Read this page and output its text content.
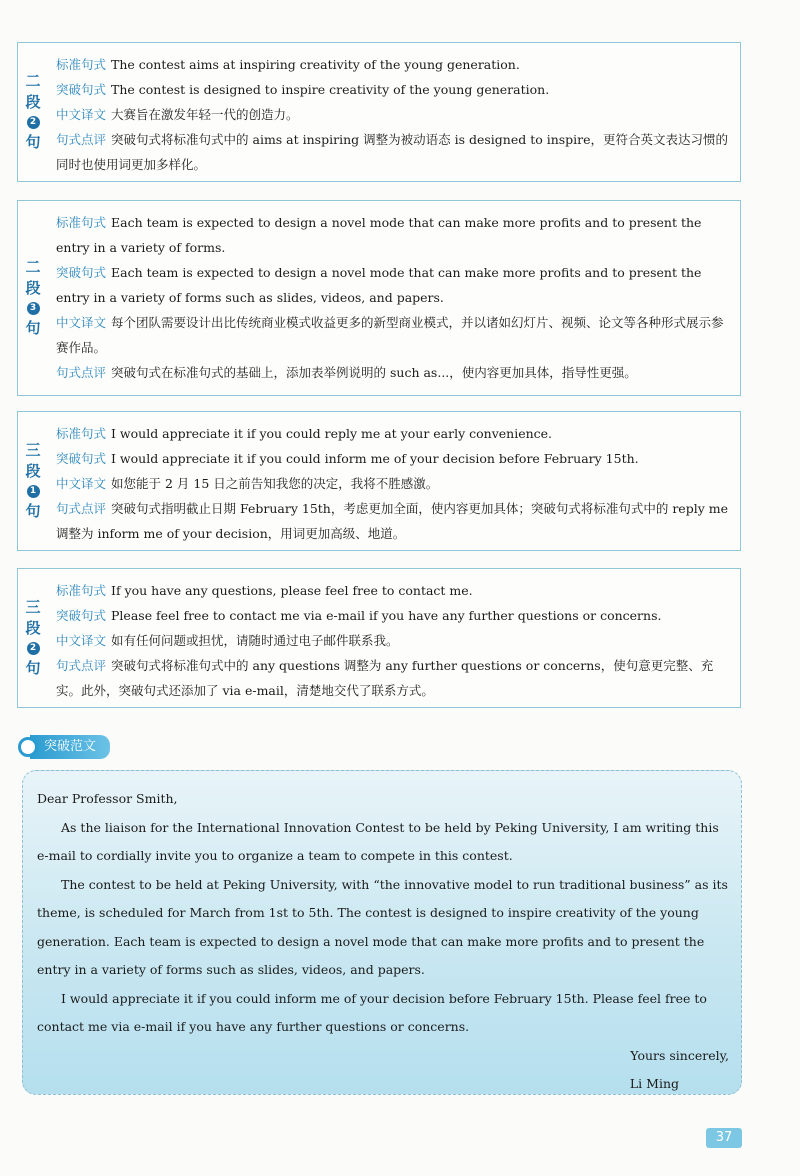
二
段
2
句
标准句式 The contest aims at inspiring creativity of the young generation.
突破句式 The contest is designed to inspire creativity of the young generation.
中文译文 大赛旨在激发年轻一代的创造力。
句式点评 突破句式将标准句式中的 aims at inspiring 调整为被动语态 is designed to inspire，更符合英文表达习惯的同时也使用词更加多样化。
二
段
3
句
标准句式 Each team is expected to design a novel mode that can make more profits and to present the entry in a variety of forms.
突破句式 Each team is expected to design a novel mode that can make more profits and to present the entry in a variety of forms such as slides, videos, and papers.
中文译文 每个团队需要设计出比传统商业模式收益更多的新型商业模式，并以诸如幻灯片、视频、论文等各种形式展示参赛作品。
句式点评 突破句式在标准句式的基础上，添加表举例说明的 such as...，使内容更加具体，指导性更强。
三
段
1
句
标准句式 I would appreciate it if you could reply me at your early convenience.
突破句式 I would appreciate it if you could inform me of your decision before February 15th.
中文译文 如您能于 2 月 15 日之前告知我您的决定，我将不胜感激。
句式点评 突破句式指明截止日期 February 15th，考虑更加全面，使内容更加具体；突破句式将标准句式中的 reply me 调整为 inform me of your decision，用词更加高级、地道。
三
段
2
句
标准句式 If you have any questions, please feel free to contact me.
突破句式 Please feel free to contact me via e-mail if you have any further questions or concerns.
中文译文 如有任何问题或担忧，请随时通过电子邮件联系我。
句式点评 突破句式将标准句式中的 any questions 调整为 any further questions or concerns，使句意更完整、充实。此外，突破句式还添加了 via e-mail，清楚地交代了联系方式。
突破范文

Dear Professor Smith,

As the liaison for the International Innovation Contest to be held by Peking University, I am writing this e-mail to cordially invite you to organize a team to compete in this contest.

The contest to be held at Peking University, with “the innovative model to run traditional business” as its theme, is scheduled for March from 1st to 5th. The contest is designed to inspire creativity of the young generation. Each team is expected to design a novel mode that can make more profits and to present the entry in a variety of forms such as slides, videos, and papers.

I would appreciate it if you could inform me of your decision before February 15th. Please feel free to contact me via e-mail if you have any further questions or concerns.

Yours sincerely,

Li Ming

37
